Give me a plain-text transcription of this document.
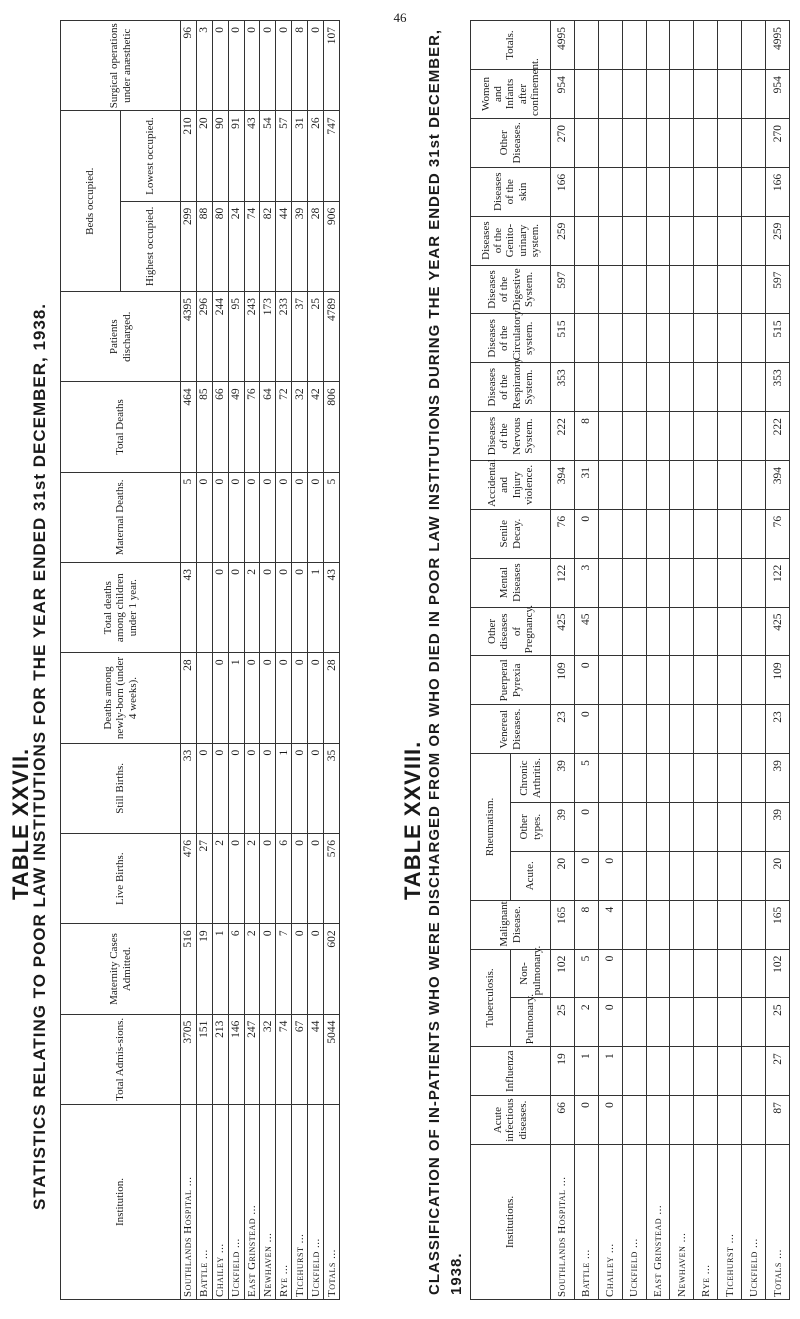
46
TABLE XXVII.
STATISTICS RELATING TO POOR LAW INSTITUTIONS FOR THE YEAR ENDED 31st DECEMBER, 1938.	Institution.	Total Admis-sions.	Maternity Cases Admitted.	Live Births.	Still Births.	Deaths among newly-born (under 4 weeks).	Total deaths among children under 1 year.	Maternal Deaths.	Total Deaths	Patients discharged.	Beds occupied.		Surgical operations under anæsthetic
										Highest occupied.	Lowest occupied.	
Southlands Hospital ...	3705	516	476	33	28	43	5	464	4395	299	210	96
Battle ...	151	19	27	0			0	85	296	88	20	3
Chailey ...	213	1	2	0	0	0	0	66	244	80	90	0
Uckfield ...	146	6	0	0	1	0	0	49	95	24	91	0
East Grinstead ...	247	2	2	0	0	2	0	76	243	74	43	0
Newhaven ...	32	0	0	0	0	0	0	64	173	82	54	0
Rye ...	74	7	6	1	0	0	0	72	233	44	57	0
Ticehurst ...	67	0	0	0	0	0	0	32	37	39	31	8
Uckfield ...	44	0	0	0	0	1	0	42	25	28	26	0
Totals ...	5044	602	576	35	28	43	5	806	4789	906	747	107
TABLE XXVIII. CLASSIFICATION OF IN-PATIENTS WHO WERE DISCHARGED FROM OR WHO DIED IN POOR LAW INSTITUTIONS DURING THE YEAR ENDED 31st DECEMBER, 1938.
Institutions.	Acute infectious diseases.	Influenza	Tuberculosis.		Malignant Disease.	Rheumatism.			Venereal Diseases.	Puerperal Pyrexia	Other diseases of Pregnancy.	Mental Diseases	Senile Decay.	Accidental and Injury violence.	Diseases of the Nervous System.	Diseases of the Respiratory System.	Diseases of the Circulatory system.	Diseases of the Digestive System.	Diseases of the Genito-urinary system.	Diseases of the skin	Other Diseases.	Women and Infants after confinement.	Totals.
			Pulmonary.	Non-pulmonary.		Acute.	Other types.	Chronic Arthritis.															
Southlands Hospital ...	66	19	25	102	165	20	39	39	23	109	425	122	76	394	222	353	515	597	259	166	270	954	4995
Battle ...	0	1	2	5	8	0	0	5	0	0	45	3	0	31	8								
Chailey ...	0	1	0	0	4	0																	
Uckfield ...																							
East Grinstead ...																							
Newhaven ...																							
Rye ...																							
Ticehurst ...																							
Uckfield ...																							
Totals ...	87	27	25	102	165	20	39	39	23	109	425	122	76	394	222	353	515	597	259	166	270	954	4995
